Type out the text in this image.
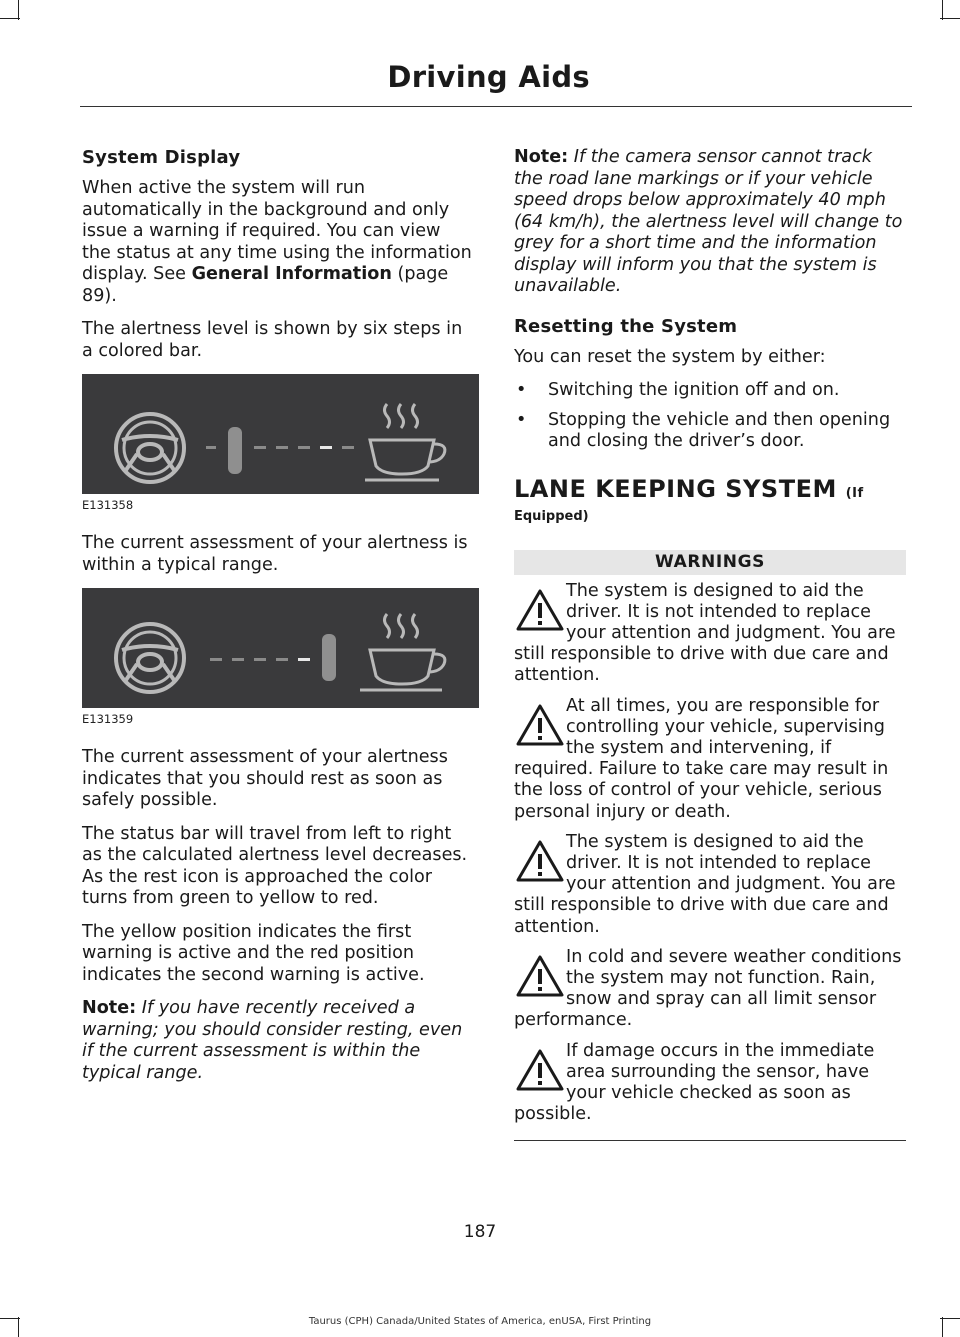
Driving Aids
System Display

When active the system will run automatically in the background and only issue a warning if required. You can view the status at any time using the information display. See General Information (page 89).

The alertness level is shown by six steps in a colored bar.

E131358

The current assessment of your alertness is within a typical range.

E131359

The current assessment of your alertness indicates that you should rest as soon as safely possible.

The status bar will travel from left to right as the calculated alertness level decreases. As the rest icon is approached the color turns from green to yellow to red.

The yellow position indicates the first warning is active and the red position indicates the second warning is active.

Note: If you have recently received a warning; you should consider resting, even if the current assessment is within the typical range.

Note: If the camera sensor cannot track the road lane markings or if your vehicle speed drops below approximately 40 mph (64 km/h), the alertness level will change to grey for a short time and the information display will inform you that the system is unavailable.

Resetting the System

You can reset the system by either:

• Switching the ignition off and on.
• Stopping the vehicle and then opening and closing the driver’s door.
LANE KEEPING SYSTEM (If
Equipped)
WARNINGS
The system is designed to aid the driver. It is not intended to replace your attention and judgment. You are still responsible to drive with due care and attention.
At all times, you are responsible for controlling your vehicle, supervising the system and intervening, if required. Failure to take care may result in the loss of control of your vehicle, serious personal injury or death.
The system is designed to aid the driver. It is not intended to replace your attention and judgment. You are still responsible to drive with due care and attention.
In cold and severe weather conditions the system may not function. Rain, snow and spray can all limit sensor performance.
If damage occurs in the immediate area surrounding the sensor, have your vehicle checked as soon as possible.
187
Taurus (CPH) Canada/United States of America, enUSA, First Printing
